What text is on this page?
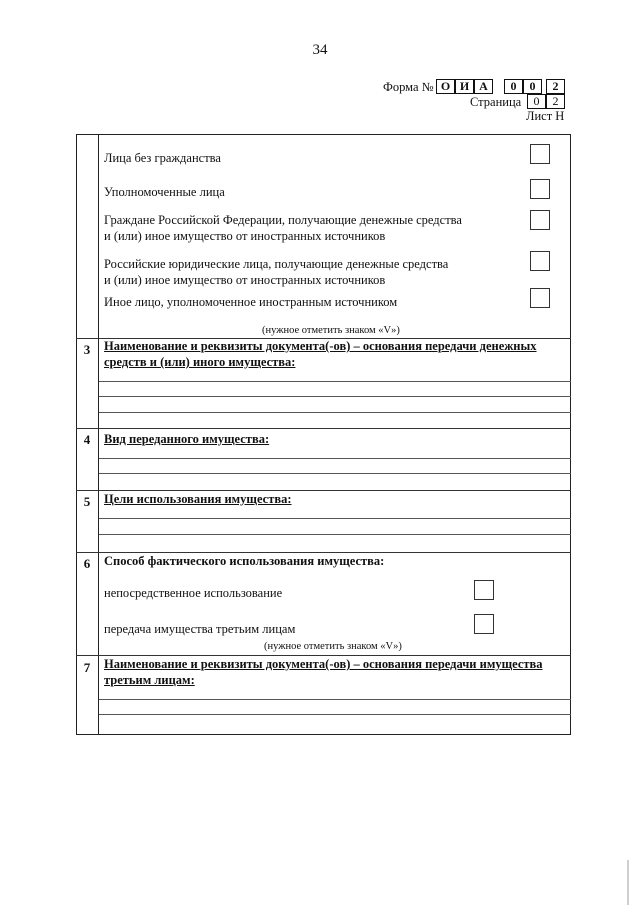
34
Форма № О И А	0	0	2
Страница	0	2
Лист Н
Лица без гражданства
Уполномоченные лица
Граждане Российской Федерации, получающие денежные средства
и (или) иное имущество от иностранных источников
Российские юридические лица, получающие денежные средства
и (или) иное имущество от иностранных источников
Иное лицо, уполномоченное иностранным источником
(нужное отметить знаком «V»)
3	Наименование и реквизиты документа(-ов) – основания передачи денежных средств и (или) иного имущества:
4	Вид переданного имущества:
5	Цели использования имущества:
6	Способ фактического использования имущества:
непосредственное использование
передача имущества третьим лицам
(нужное отметить знаком «V»)
7	Наименование и реквизиты документа(-ов) – основания передачи имущества третьим лицам:
